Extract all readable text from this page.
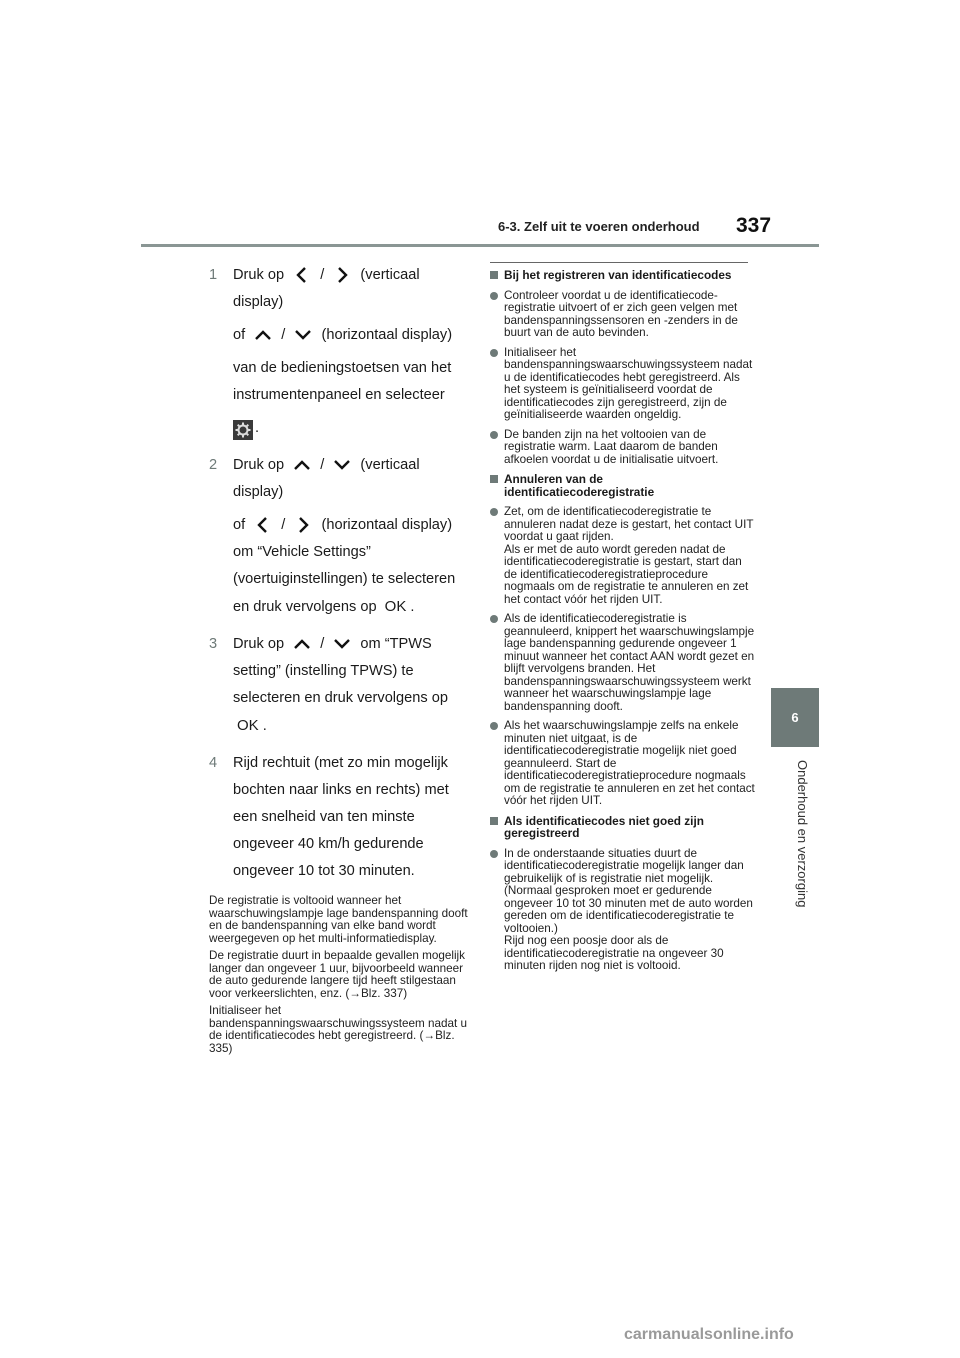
6-3. Zelf uit te voeren onderhoud 337
6
Onderhoud en verzorging
1 Druk op / (verticaal display)

of / (horizontaal display)

van de bedieningstoetsen van het instrumentenpaneel en selecteer

.

2 Druk op / (verticaal display)

of / (horizontaal display) om “Vehicle Settings” (voertuiginstellingen) te selecteren en druk vervolgens op OK .

3 Druk op / om “TPWS setting” (instelling TPWS) te selecteren en druk vervolgens op OK .

4 Rijd rechtuit (met zo min mogelijk bochten naar links en rechts) met een snelheid van ten minste ongeveer 40 km/h gedurende ongeveer 10 tot 30 minuten.

De registratie is voltooid wanneer het waarschuwingslampje lage bandenspanning dooft en de bandenspanning van elke band wordt weergegeven op het multi-informatiedisplay.

De registratie duurt in bepaalde gevallen mogelijk langer dan ongeveer 1 uur, bijvoorbeeld wanneer de auto gedurende langere tijd heeft stilgestaan voor verkeerslichten, enz. (→Blz. 337)

Initialiseer het bandenspanningswaarschuwingssysteem nadat u de identificatiecodes hebt geregistreerd. (→Blz. 335)

Bij het registreren van identificatiecodes
Controleer voordat u de identificatiecode-registratie uitvoert of er zich geen velgen met bandenspanningssensoren en -zenders in de buurt van de auto bevinden.
Initialiseer het bandenspanningswaarschuwingssysteem nadat u de identificatiecodes hebt geregistreerd. Als het systeem is geïnitialiseerd voordat de identificatiecodes zijn geregistreerd, zijn de geïnitialiseerde waarden ongeldig.
De banden zijn na het voltooien van de registratie warm. Laat daarom de banden afkoelen voordat u de initialisatie uitvoert.
Annuleren van de identificatiecoderegistratie
Zet, om de identificatiecoderegistratie te annuleren nadat deze is gestart, het contact UIT voordat u gaat rijden.
Als er met de auto wordt gereden nadat de identificatiecoderegistratie is gestart, start dan de identificatiecoderegistratieprocedure nogmaals om de registratie te annuleren en zet het contact vóór het rijden UIT.
Als de identificatiecoderegistratie is geannuleerd, knippert het waarschuwingslampje lage bandenspanning gedurende ongeveer 1 minuut wanneer het contact AAN wordt gezet en blijft vervolgens branden. Het bandenspanningswaarschuwingssysteem werkt wanneer het waarschuwingslampje lage bandenspanning dooft.
Als het waarschuwingslampje zelfs na enkele minuten niet uitgaat, is de identificatiecoderegistratie mogelijk niet goed geannuleerd. Start de identificatiecoderegistratieprocedure nogmaals om de registratie te annuleren en zet het contact vóór het rijden UIT.
Als identificatiecodes niet goed zijn geregistreerd
In de onderstaande situaties duurt de identificatiecoderegistratie mogelijk langer dan gebruikelijk of is registratie niet mogelijk. (Normaal gesproken moet er gedurende ongeveer 10 tot 30 minuten met de auto worden gereden om de identificatiecoderegistratie te voltooien.)
Rijd nog een poosje door als de identificatiecoderegistratie na ongeveer 30 minuten rijden nog niet is voltooid.
carmanualsonline.info
